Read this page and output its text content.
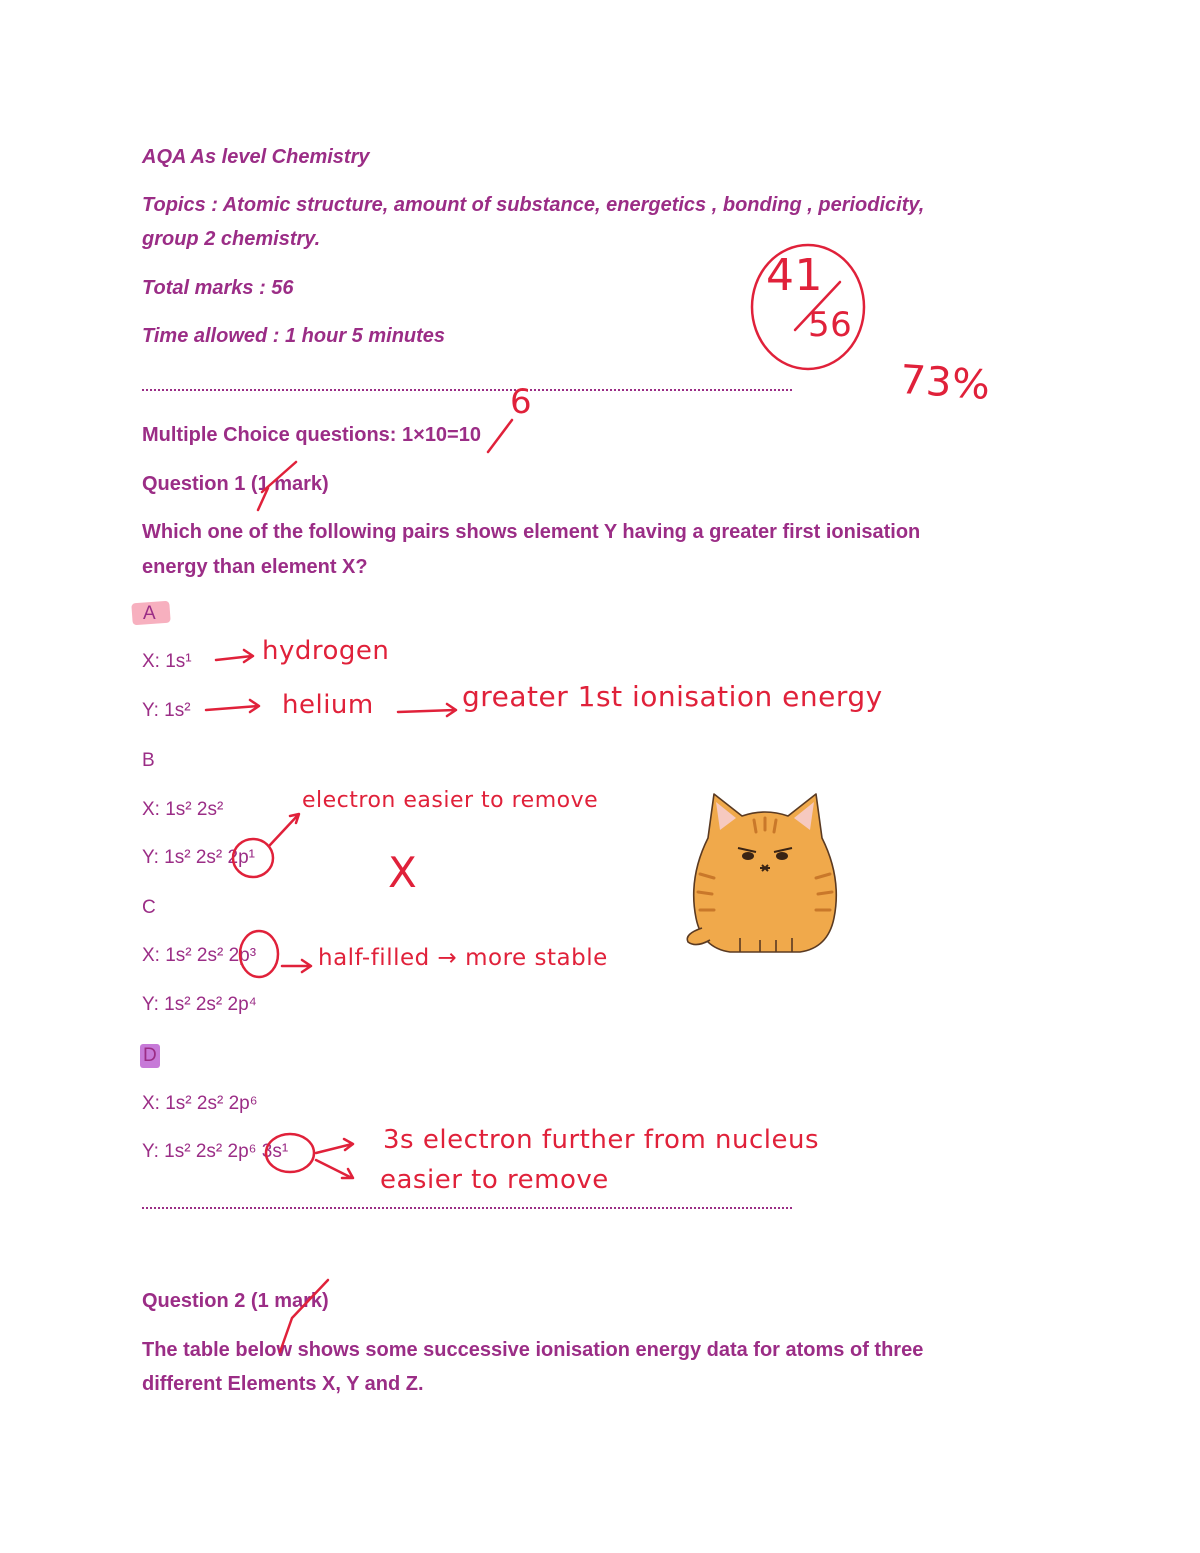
AQA As level Chemistry
Topics : Atomic structure, amount of substance, energetics , bonding , periodicity,
group 2 chemistry.
Total marks : 56
Time allowed : 1 hour 5 minutes
Multiple Choice questions: 1×10=10
Question 1 (1 mark)
Which one of the following pairs shows element Y having a greater first ionisation
energy than element X?
A
X: 1s¹
Y: 1s²
B
X: 1s² 2s²
Y: 1s² 2s² 2p¹
C
X: 1s² 2s² 2p³
Y: 1s² 2s² 2p⁴
D
X: 1s² 2s² 2p⁶
Y: 1s² 2s² 2p⁶ 3s¹
Question 2 (1 mark)
The table below shows some successive ionisation energy data for atoms of three
different Elements X, Y and Z.
41
56
73%
6
hydrogen
helium	greater 1st ionisation energy
electron easier to remove
X
half-filled → more stable
3s electron further from nucleus
easier to remove
